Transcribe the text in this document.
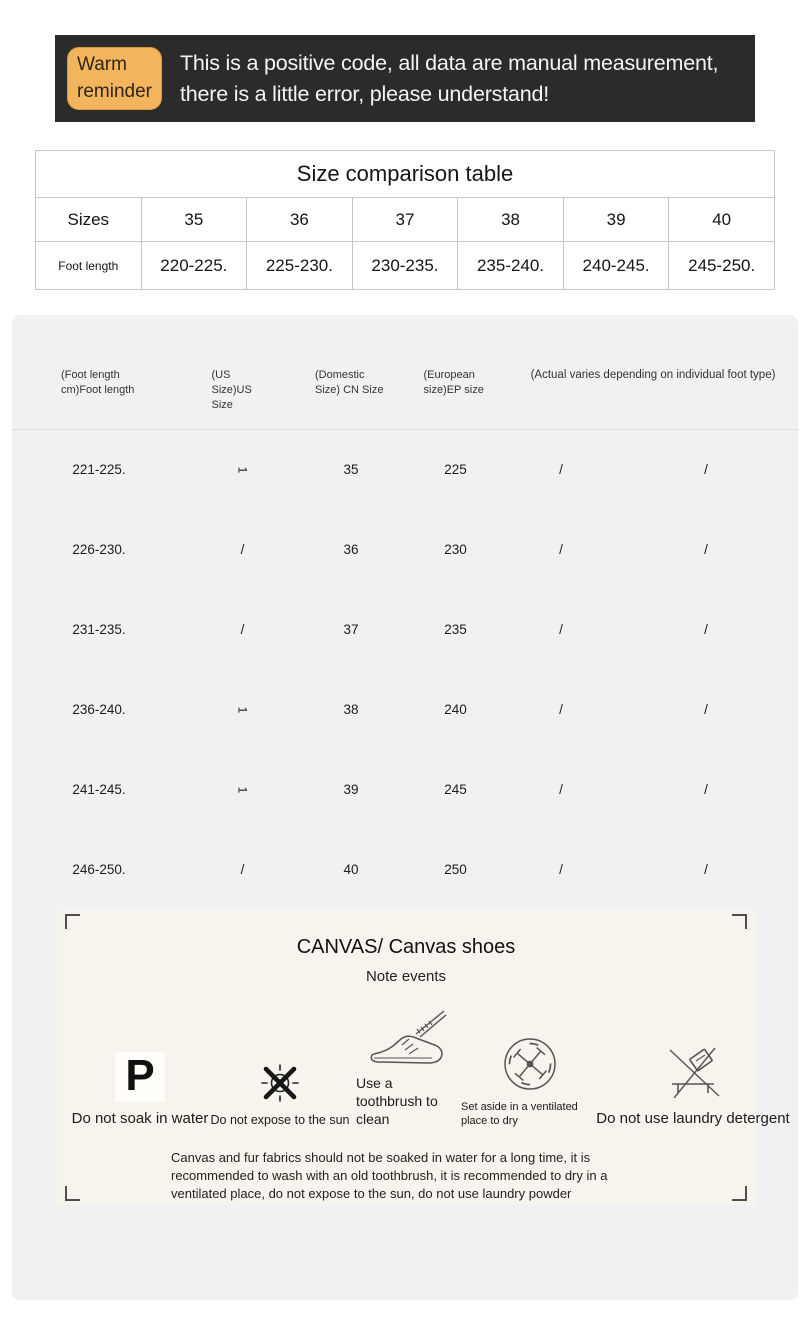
Warm reminder
This is a positive code, all data are manual measurement, there is a little error, please understand!
Size comparison table						
Sizes	35	36	37	38	39	40
Foot length	220-225.	225-230.	230-235.	235-240.	240-245.	245-250.
(Foot length cm)Foot length	(US Size)US Size	(Domestic Size) CN Size	(European size)EP size	(Actual varies depending on individual foot type)	
221-225.	1	35	225	/	/
226-230.	/	36	230	/	/
231-235.	/	37	235	/	/
236-240.	1	38	240	/	/
241-245.	1	39	245	/	/
246-250.	/	40	250	/	/
CANVAS/ Canvas shoes
Note events
P
Do not soak in water Do not expose to the sun
Use a toothbrush to clean
Set aside in a ventilated place to dry	Do not use laundry detergent
Canvas and fur fabrics should not be soaked in water for a long time, it is recommended to wash with an old toothbrush, it is recommended to dry in a ventilated place, do not expose to the sun, do not use laundry powder
